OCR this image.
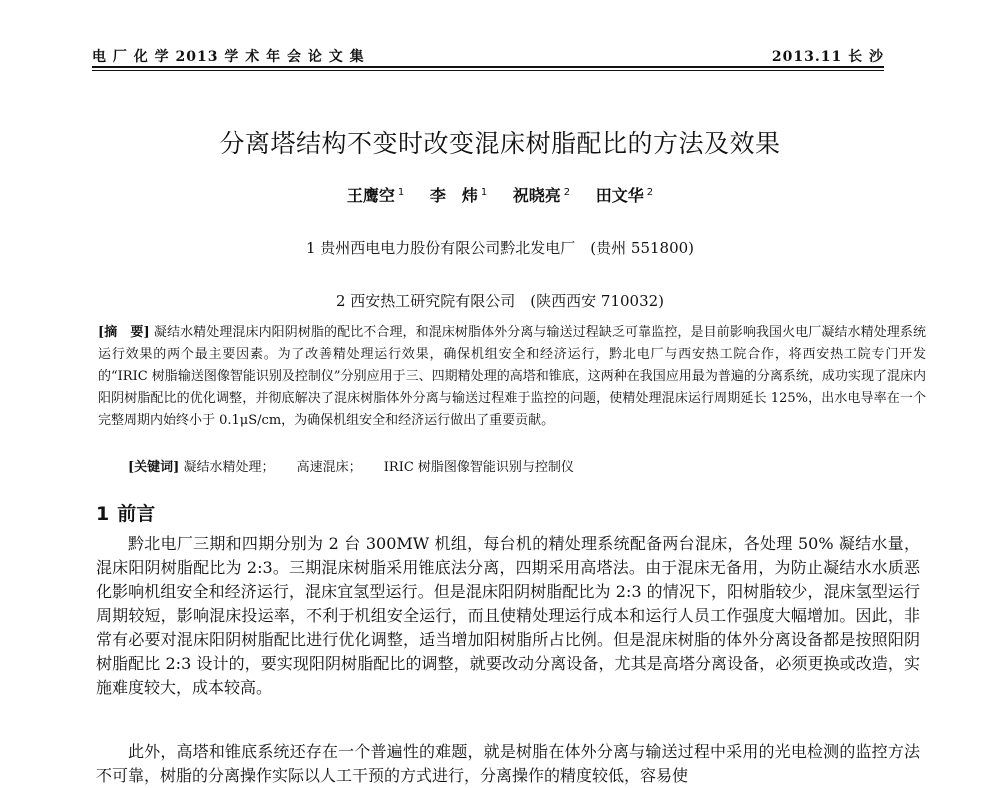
电 厂 化 学 2013 学 术 年 会 论 文 集	2013.11 长 沙
分离塔结构不变时改变混床树脂配比的方法及效果
王鹰空 $^1$ 李　炜 $^1$ 祝晓亮 $^2$ 田文华 $^2$
1 贵州西电电力股份有限公司黔北发电厂　(贵州 551800)
2 西安热工研究院有限公司　(陕西西安 710032)
[摘　要] 凝结水精处理混床内阳阴树脂的配比不合理，和混床树脂体外分离与输送过程缺乏可靠监控，是目前影响我国火电厂凝结水精处理系统运行效果的两个最主要因素。为了改善精处理运行效果，确保机组安全和经济运行，黔北电厂与西安热工院合作，将西安热工院专门开发的“IRIC 树脂输送图像智能识别及控制仪”分别应用于三、四期精处理的高塔和锥底，这两种在我国应用最为普遍的分离系统，成功实现了混床内阳阴树脂配比的优化调整，并彻底解决了混床树脂体外分离与输送过程难于监控的问题，使精处理混床运行周期延长 125%，出水电导率在一个完整周期内始终小于 0.1μS/cm，为确保机组安全和经济运行做出了重要贡献。
[关键词] 凝结水精处理； 高速混床； IRIC 树脂图像智能识别与控制仪
1 前言
黔北电厂三期和四期分别为 2 台 300MW 机组，每台机的精处理系统配备两台混床，各处理 50% 凝结水量，混床阳阴树脂配比为 2:3。三期混床树脂采用锥底法分离，四期采用高塔法。由于混床无备用，为防止凝结水水质恶化影响机组安全和经济运行，混床宜氢型运行。但是混床阳阴树脂配比为 2:3 的情况下，阳树脂较少，混床氢型运行周期较短，影响混床投运率，不利于机组安全运行，而且使精处理运行成本和运行人员工作强度大幅增加。因此，非常有必要对混床阳阴树脂配比进行优化调整，适当增加阳树脂所占比例。但是混床树脂的体外分离设备都是按照阳阴树脂配比 2:3 设计的，要实现阳阴树脂配比的调整，就要改动分离设备，尤其是高塔分离设备，必须更换或改造，实施难度较大，成本较高。
此外，高塔和锥底系统还存在一个普遍性的难题，就是树脂在体外分离与输送过程中采用的光电检测的监控方法不可靠，树脂的分离操作实际以人工干预的方式进行，分离操作的精度较低，容易使
